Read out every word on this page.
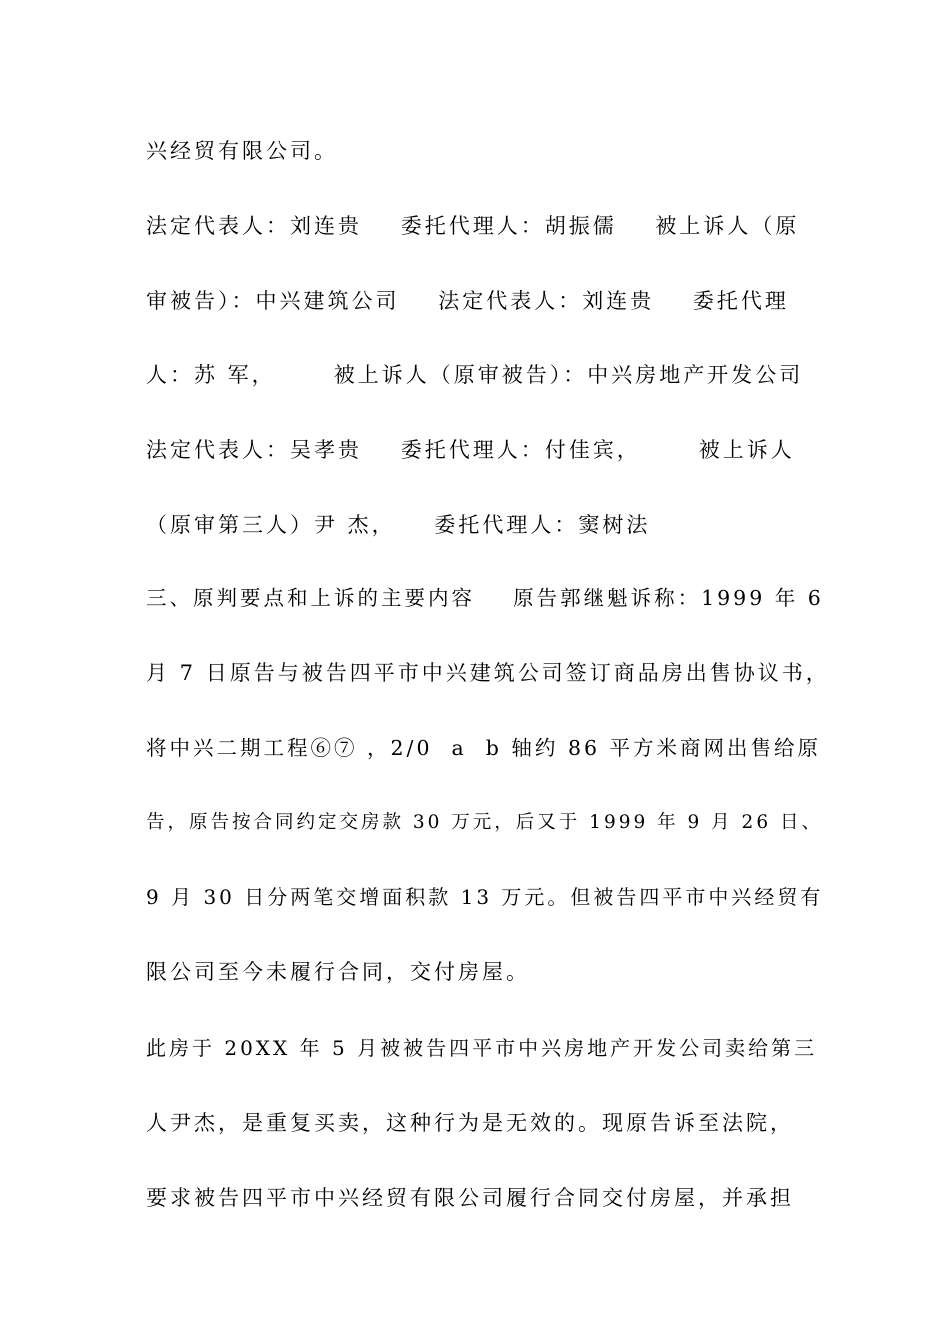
兴经贸有限公司。
法定代表人：刘连贵    委托代理人：胡振儒    被上诉人（原
审被告）：中兴建筑公司    法定代表人：刘连贵    委托代理
人：苏 军，      被上诉人（原审被告）：中兴房地产开发公司
法定代表人：吴孝贵    委托代理人：付佳宾，      被上诉人
（原审第三人）尹 杰，    委托代理人：窦树法
三、原判要点和上诉的主要内容    原告郭继魁诉称：1999 年 6
月 7 日原告与被告四平市中兴建筑公司签订商品房出售协议书，
将中兴二期工程⑥⑦ ，2/0  a  b 轴约 86 平方米商网出售给原
告，原告按合同约定交房款 30 万元，后又于 1999 年 9 月 26 日、
9 月 30 日分两笔交增面积款 13 万元。但被告四平市中兴经贸有
限公司至今未履行合同，交付房屋。
此房于 20XX 年 5 月被被告四平市中兴房地产开发公司卖给第三
人尹杰，是重复买卖，这种行为是无效的。现原告诉至法院，
要求被告四平市中兴经贸有限公司履行合同交付房屋，并承担
